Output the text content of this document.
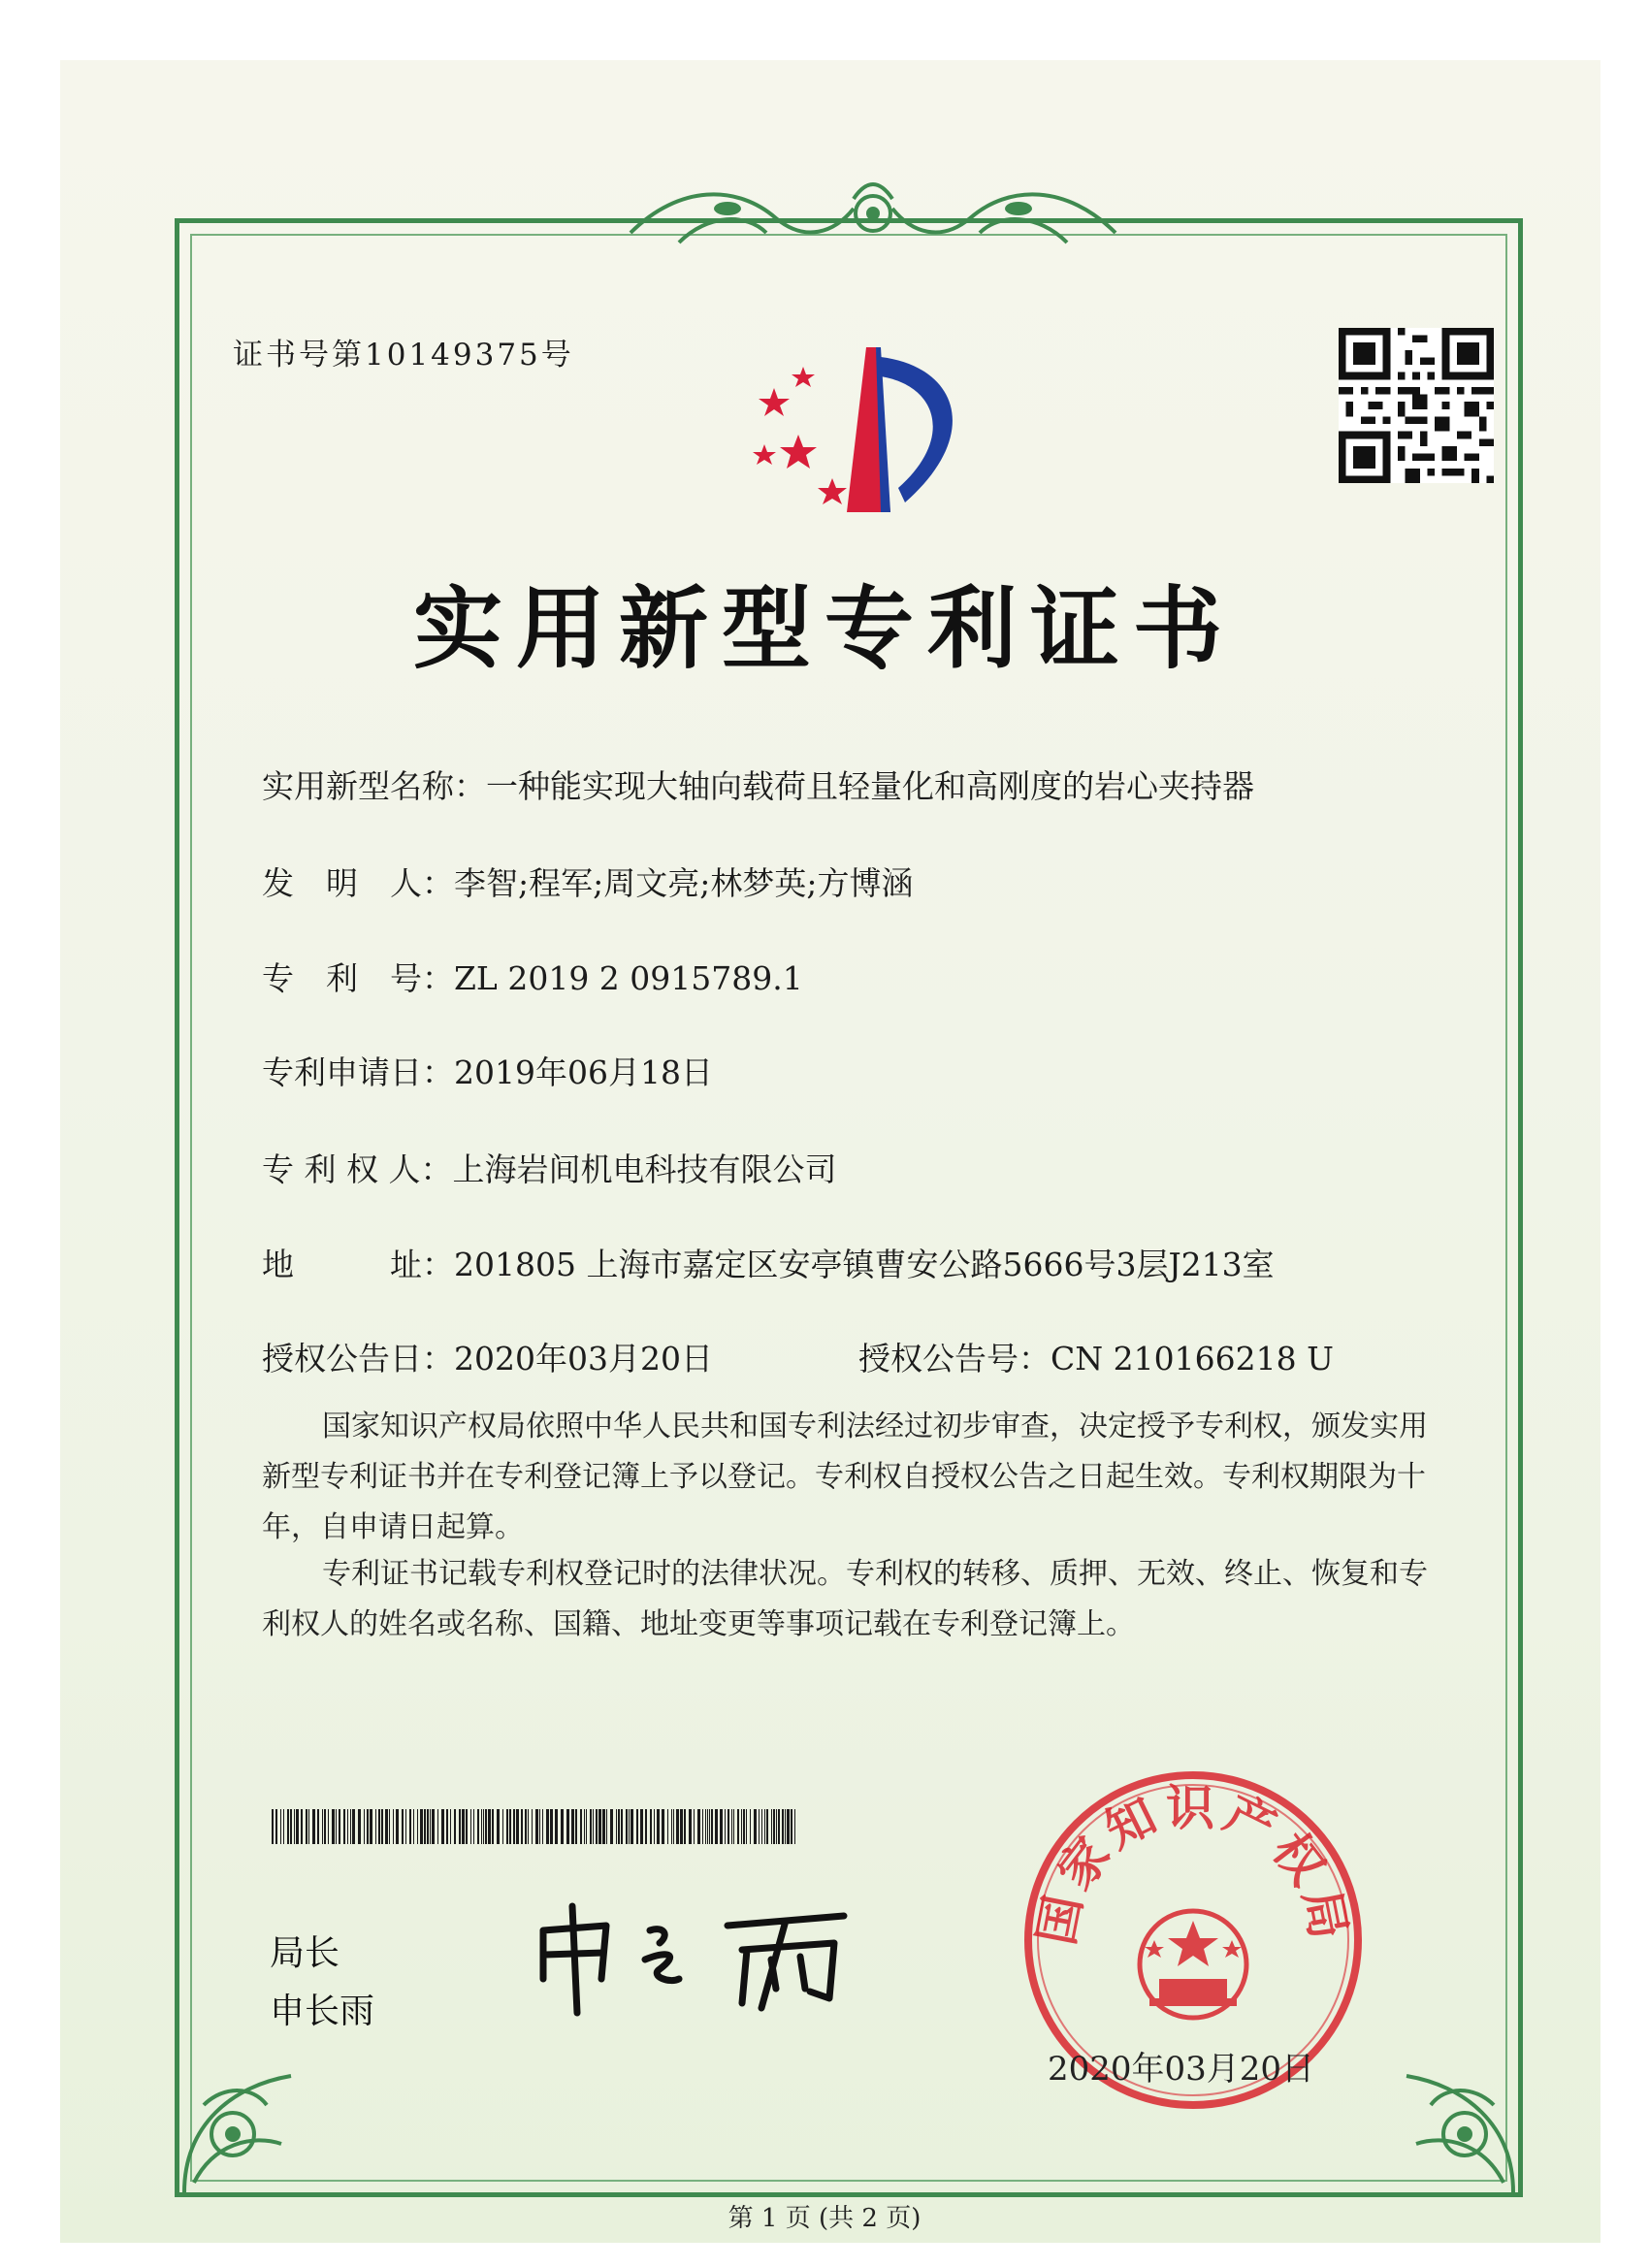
证书号第10149375号
实用新型专利证书
实用新型名称：一种能实现大轴向载荷且轻量化和高刚度的岩心夹持器
发　明　人：李智;程军;周文亮;林梦英;方博涵
专　利　号：ZL 2019 2 0915789.1
专利申请日：2019年06月18日
专 利 权 人：上海岩间机电科技有限公司
地　　　址：201805 上海市嘉定区安亭镇曹安公路5666号3层J213室
授权公告日：2020年03月20日	授权公告号：CN 210166218 U
国家知识产权局依照中华人民共和国专利法经过初步审查，决定授予专利权，颁发实用新型专利证书并在专利登记簿上予以登记。专利权自授权公告之日起生效。专利权期限为十年，自申请日起算。
专利证书记载专利权登记时的法律状况。专利权的转移、质押、无效、终止、恢复和专利权人的姓名或名称、国籍、地址变更等事项记载在专利登记簿上。
局长
申长雨
国家知识产权局
2020年03月20日
第 1 页 (共 2 页)
